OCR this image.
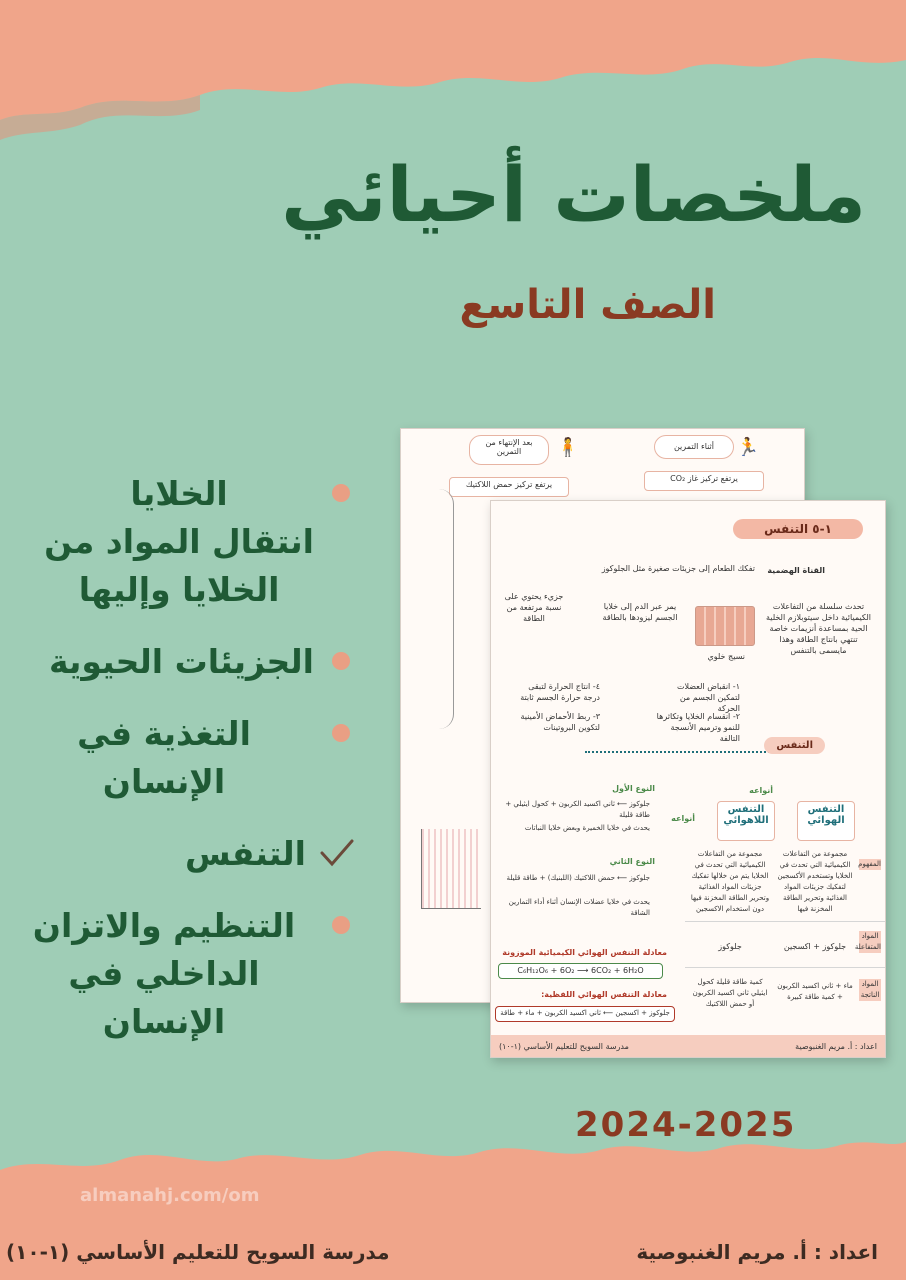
ملخصات أحيائي
الصف التاسع
الخلايا
انتقال المواد من
الخلايا وإليها
الجزيئات الحيوية
التغذية في الإنسان
التنفس
التنظيم والاتزان
الداخلي في الإنسان
أثناء التمرين
بعد الإنتهاء من التمرين	🏃
🧍
يرتفع تركيز غاز CO₂
يرتفع تركيز حمض اللاكتيك
١-٥ التنفس
القناة الهضمية
تفكك الطعام إلى جزيئات صغيرة مثل الجلوكوز
جزيء يحتوي على نسبة مرتفعة من الطاقة
يمر عبر الدم إلى خلايا الجسم ليزودها بالطاقة
نسيج خلوي
تحدث سلسلة من التفاعلات الكيميائية داخل سيتوبلازم الخلية الحية بمساعدة أنزيمات خاصة تنتهي بانتاج الطاقة وهذا مايسمى بالتنفس
١- انقباض العضلات لتمكين الجسم من الحركة
٢- انقسام الخلايا وتكاثرها للنمو وترميم الأنسجة التالفة
٣- ربط الأحماض الأمينية لتكوين البروتينات
٤- انتاج الحرارة لتبقى درجة حرارة الجسم ثابتة
التنفس
أنواعه
التنفس الهوائي
التنفس اللاهوائي
أنواعه
النوع الأول
جلوكوز ⟵ ثاني اكسيد الكربون + كحول ايثيلي + طاقة قليلة
يحدث في خلايا الخميرة وبعض خلايا النباتات
النوع الثاني
جلوكوز ⟵ حمض اللاكتيك (اللبنيك) + طاقة قليلة
يحدث في خلايا عضلات الإنسان أثناء أداء التمارين الشاقة
مجموعة من التفاعلات الكيميائية التي تحدث في الخلايا وتستخدم الأكسجين لتفكيك جزيئات المواد الغذائية وتحرير الطاقة المخزنة فيها
مجموعة من التفاعلات الكيميائية التي تحدث في الخلايا يتم من خلالها تفكيك جزيئات المواد الغذائية وتحرير الطاقة المخزنة فيها دون استخدام الاكسجين
المفهوم
المواد المتفاعلة
جلوكوز + اكسجين
جلوكوز
المواد الناتجة
ماء + ثاني اكسيد الكربون + كمية طاقة كبيرة
كمية طاقة قليلة كحول ايثيلي ثاني اكسيد الكربون أو حمض اللاكتيك
معادلة التنفس الهوائي الكيميائية الموزونة
C₆H₁₂O₆ + 6O₂ ⟶ 6CO₂ + 6H₂O
معادلة التنفس الهوائي اللفظية:
جلوكوز + اكسجين ⟵ ثاني اكسيد الكربون + ماء + طاقة
اعداد : أ. مريم الغنبوصية
مدرسة السويح للتعليم الأساسي (١-١٠)
almanahj.com/om
2024-2025
اعداد : أ. مريم الغنبوصية
مدرسة السويح للتعليم الأساسي (١-١٠)
